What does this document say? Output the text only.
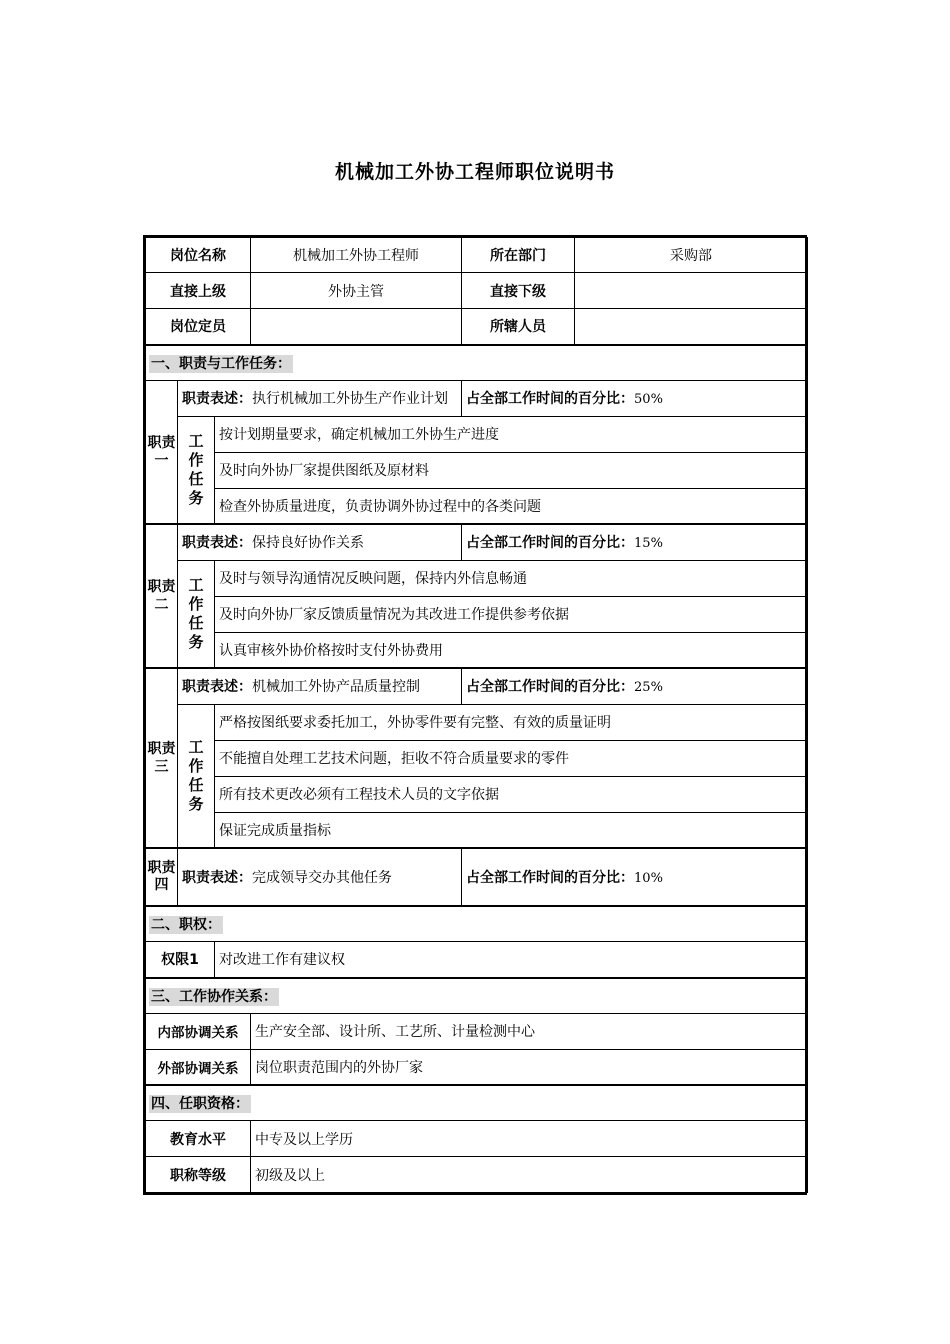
机械加工外协工程师职位说明书
岗位名称			机械加工外协工程师	所在部门	采购部
直接上级			外协主管	直接下级	
岗位定员				所辖人员	
一、职责与工作任务：					
职责一	职责表述：执行机械加工外协生产作业计划			占全部工作时间的百分比：50%	
	工作任务	按计划期量要求，确定机械加工外协生产进度			
		及时向外协厂家提供图纸及原材料			
		检查外协质量进度，负责协调外协过程中的各类问题			
职责二	职责表述：保持良好协作关系			占全部工作时间的百分比：15%	
	工作任务	及时与领导沟通情况反映问题，保持内外信息畅通			
		及时向外协厂家反馈质量情况为其改进工作提供参考依据			
		认真审核外协价格按时支付外协费用			
职责三	职责表述：机械加工外协产品质量控制			占全部工作时间的百分比：25%	
	工作任务	严格按图纸要求委托加工，外协零件要有完整、有效的质量证明			
		不能擅自处理工艺技术问题，拒收不符合质量要求的零件			
		所有技术更改必须有工程技术人员的文字依据			
		保证完成质量指标			
职责四	职责表述：完成领导交办其他任务			占全部工作时间的百分比：10%	
二、职权：					
权限1		对改进工作有建议权			
三、工作协作关系：					
内部协调关系			生产安全部、设计所、工艺所、计量检测中心		
外部协调关系			岗位职责范围内的外协厂家		
四、任职资格：					
教育水平			中专及以上学历		
职称等级			初级及以上		
